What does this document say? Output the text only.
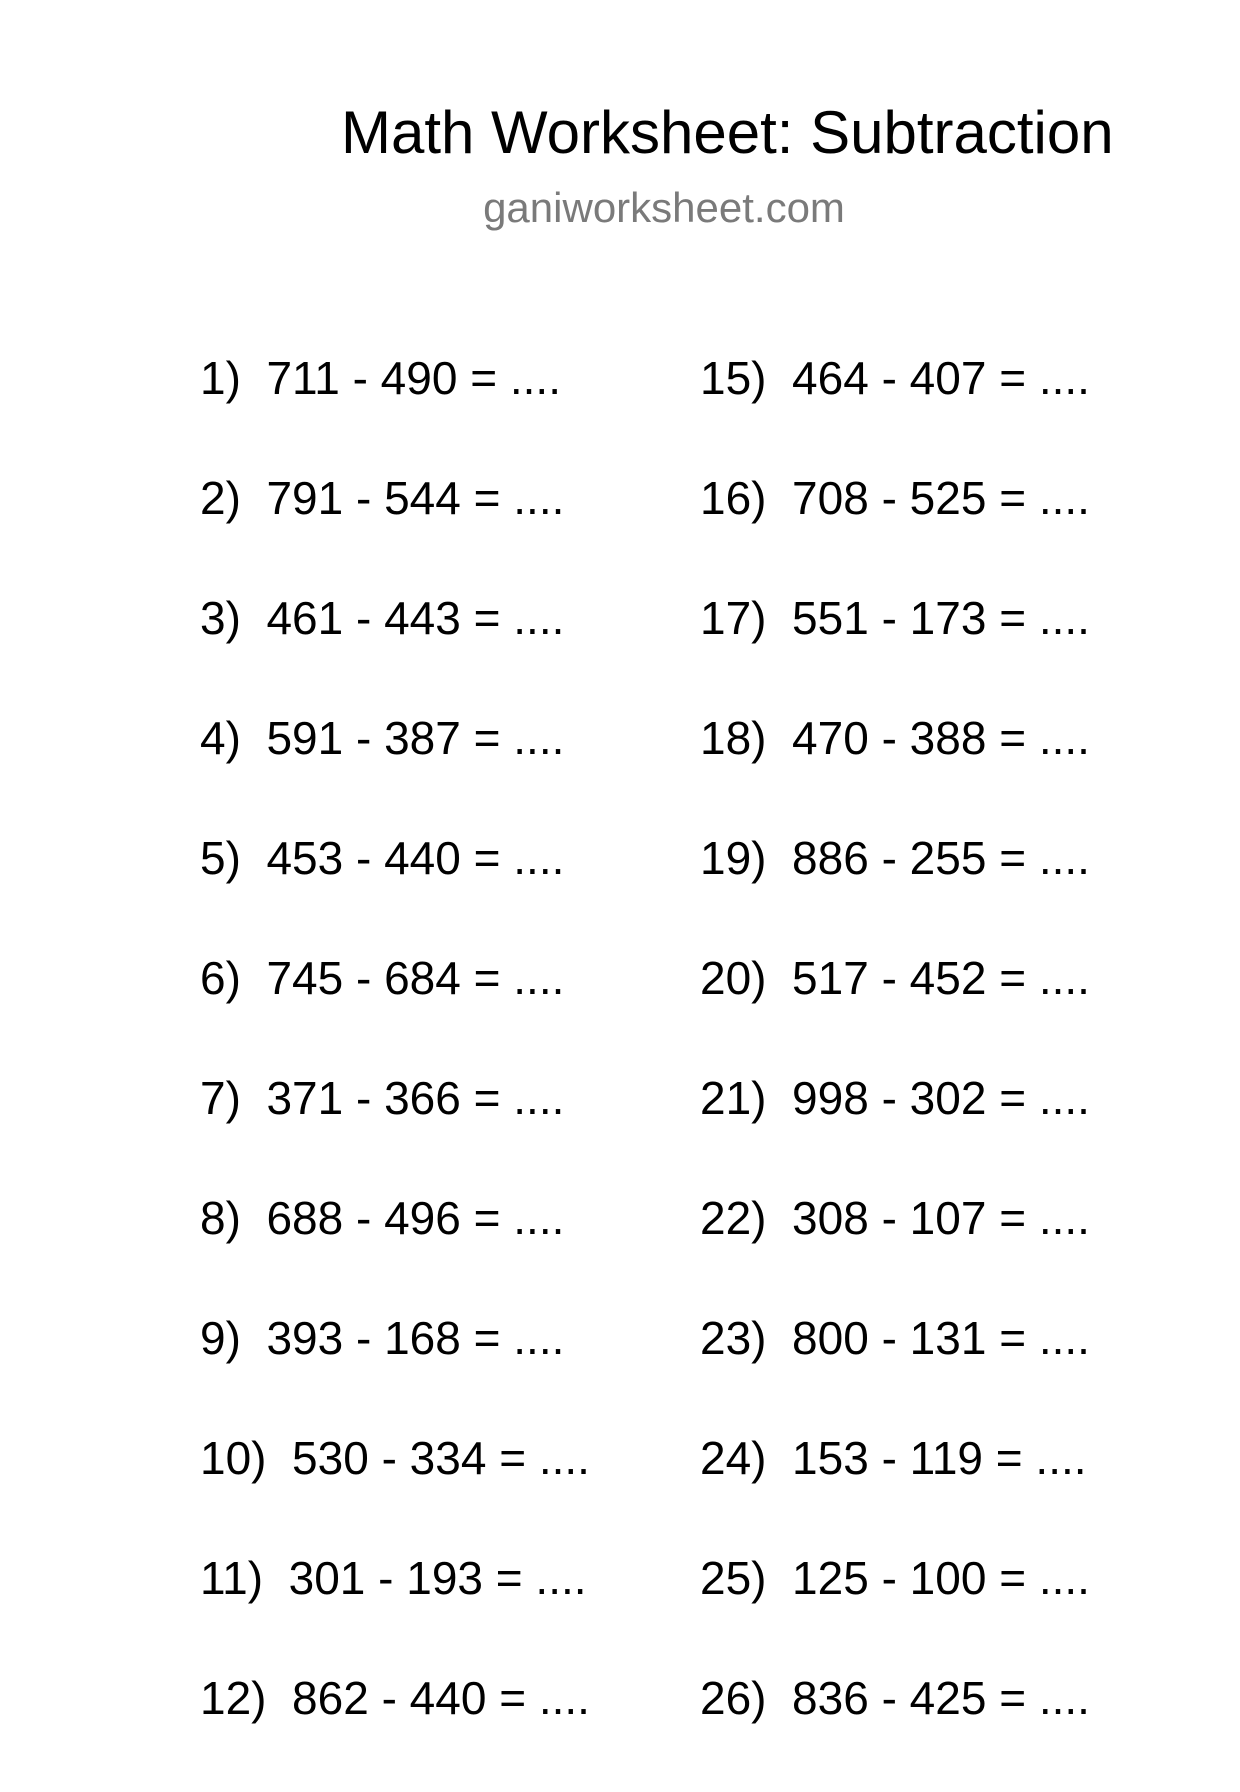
Math Worksheet: Subtraction
ganiworksheet.com
1)  711 - 490 = ....
2)  791 - 544 = ....
3)  461 - 443 = ....
4)  591 - 387 = ....
5)  453 - 440 = ....
6)  745 - 684 = ....
7)  371 - 366 = ....
8)  688 - 496 = ....
9)  393 - 168 = ....
10)  530 - 334 = ....
11)  301 - 193 = ....
12)  862 - 440 = ....
15)  464 - 407 = ....
16)  708 - 525 = ....
17)  551 - 173 = ....
18)  470 - 388 = ....
19)  886 - 255 = ....
20)  517 - 452 = ....
21)  998 - 302 = ....
22)  308 - 107 = ....
23)  800 - 131 = ....
24)  153 - 119 = ....
25)  125 - 100 = ....
26)  836 - 425 = ....
